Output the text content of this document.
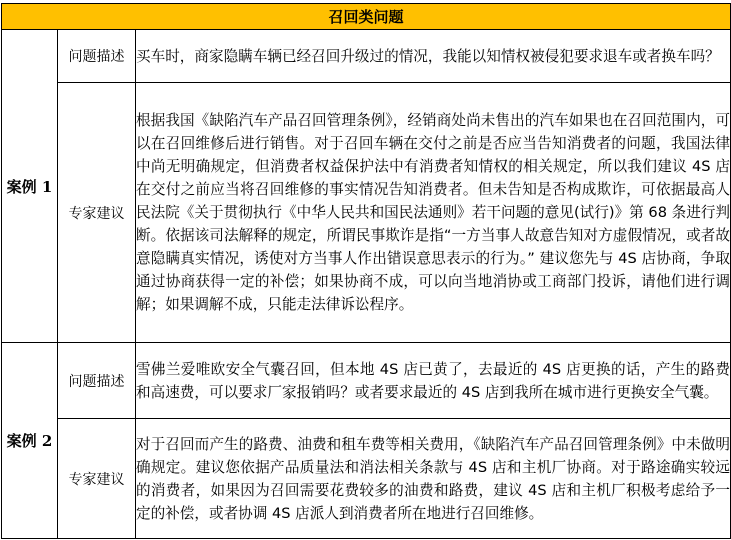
召回类问题		
案例 1	问题描述	买车时，商家隐瞒车辆已经召回升级过的情况，我能以知情权被侵犯要求退车或者换车吗？

	专家建议	根据我国《缺陷汽车产品召回管理条例》，经销商处尚未售出的汽车如果也在召回范围内，可以在召回维修后进行销售。对于召回车辆在交付之前是否应当告知消费者的问题，我国法律中尚无明确规定，但消费者权益保护法中有消费者知情权的相关规定，所以我们建议 4S 店在交付之前应当将召回维修的事实情况告知消费者。但未告知是否构成欺诈，可依据最高人民法院《关于贯彻执行《中华人民共和国民法通则》若干问题的意见(试行)》第 68 条进行判断。依据该司法解释的规定，所谓民事欺诈是指“一方当事人故意告知对方虚假情况，或者故意隐瞒真实情况，诱使对方当事人作出错误意思表示的行为。” 建议您先与 4S 店协商，争取通过协商获得一定的补偿；如果协商不成，可以向当地消协或工商部门投诉，请他们进行调解；如果调解不成，只能走法律诉讼程序。

案例 2	问题描述	雪佛兰爱唯欧安全气囊召回，但本地 4S 店已黄了，去最近的 4S 店更换的话，产生的路费和高速费，可以要求厂家报销吗？或者要求最近的 4S 店到我所在城市进行更换安全气囊。

	专家建议	对于召回而产生的路费、油费和租车费等相关费用，《缺陷汽车产品召回管理条例》中未做明确规定。建议您依据产品质量法和消法相关条款与 4S 店和主机厂协商。对于路途确实较远的消费者，如果因为召回需要花费较多的油费和路费，建议 4S 店和主机厂积极考虑给予一定的补偿，或者协调 4S 店派人到消费者所在地进行召回维修。
